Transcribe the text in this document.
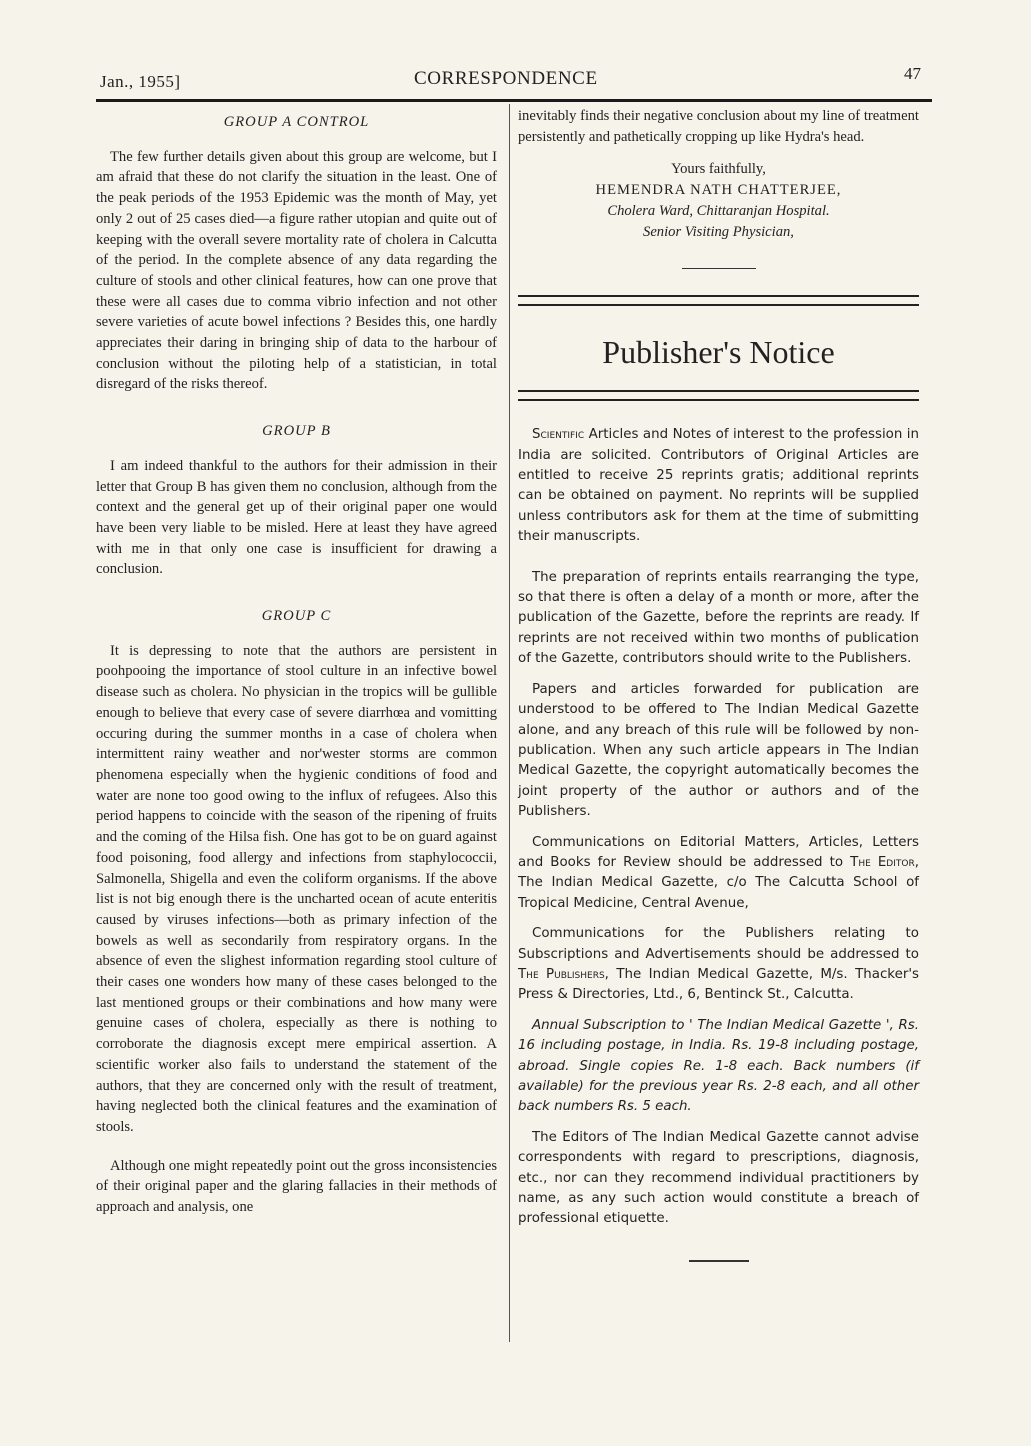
Jan., 1955]	CORRESPONDENCE	47
GROUP A CONTROL

The few further details given about this group are welcome, but I am afraid that these do not clarify the situation in the least. One of the peak periods of the 1953 Epidemic was the month of May, yet only 2 out of 25 cases died—a figure rather utopian and quite out of keeping with the overall severe mortality rate of cholera in Calcutta of the period. In the complete absence of any data regarding the culture of stools and other clinical features, how can one prove that these were all cases due to comma vibrio infection and not other severe varieties of acute bowel infections ? Besides this, one hardly appreciates their daring in bringing ship of data to the harbour of conclusion without the piloting help of a statistician, in total disregard of the risks thereof.

GROUP B

I am indeed thankful to the authors for their admission in their letter that Group B has given them no conclusion, although from the context and the general get up of their original paper one would have been very liable to be misled. Here at least they have agreed with me in that only one case is insufficient for drawing a conclusion.

GROUP C

It is depressing to note that the authors are persistent in poohpooing the importance of stool culture in an infective bowel disease such as cholera. No physician in the tropics will be gullible enough to believe that every case of severe diarrhœa and vomitting occuring during the summer months in a case of cholera when intermittent rainy weather and nor'wester storms are common phenomena especially when the hygienic conditions of food and water are none too good owing to the influx of refugees. Also this period happens to coincide with the season of the ripening of fruits and the coming of the Hilsa fish. One has got to be on guard against food poisoning, food allergy and infections from staphylococcii, Salmonella, Shigella and even the coliform organisms. If the above list is not big enough there is the uncharted ocean of acute enteritis caused by viruses infections—both as primary infection of the bowels as well as secondarily from respiratory organs. In the absence of even the slighest information regarding stool culture of their cases one wonders how many of these cases belonged to the last mentioned groups or their combinations and how many were genuine cases of cholera, especially as there is nothing to corroborate the diagnosis except mere empirical assertion. A scientific worker also fails to understand the statement of the authors, that they are concerned only with the result of treatment, having neglected both the clinical features and the examination of stools.

Although one might repeatedly point out the gross inconsistencies of their original paper and the glaring fallacies in their methods of approach and analysis, one

inevitably finds their negative conclusion about my line of treatment persistently and pathetically cropping up like Hydra's head.

Yours faithfully,
HEMENDRA NATH CHATTERJEE,
Cholera Ward, Chittaranjan Hospital.
Senior Visiting Physician,
Publisher's Notice

Scientific Articles and Notes of interest to the profession in India are solicited. Contributors of Original Articles are entitled to receive 25 reprints gratis; additional reprints can be obtained on payment. No reprints will be supplied unless contributors ask for them at the time of submitting their manuscripts.

The preparation of reprints entails rearranging the type, so that there is often a delay of a month or more, after the publication of the Gazette, before the reprints are ready. If reprints are not received within two months of publication of the Gazette, contributors should write to the Publishers.

Papers and articles forwarded for publication are understood to be offered to The Indian Medical Gazette alone, and any breach of this rule will be followed by non-publication. When any such article appears in The Indian Medical Gazette, the copyright automatically becomes the joint property of the author or authors and of the Publishers.

Communications on Editorial Matters, Articles, Letters and Books for Review should be addressed to The Editor, The Indian Medical Gazette, c/o The Calcutta School of Tropical Medicine, Central Avenue,

Communications for the Publishers relating to Subscriptions and Advertisements should be addressed to The Publishers, The Indian Medical Gazette, M/s. Thacker's Press & Directories, Ltd., 6, Bentinck St., Calcutta.

Annual Subscription to ' The Indian Medical Gazette ', Rs. 16 including postage, in India. Rs. 19-8 including postage, abroad. Single copies Re. 1-8 each. Back numbers (if available) for the previous year Rs. 2-8 each, and all other back numbers Rs. 5 each.

The Editors of The Indian Medical Gazette cannot advise correspondents with regard to prescriptions, diagnosis, etc., nor can they recommend individual practitioners by name, as any such action would constitute a breach of professional etiquette.
